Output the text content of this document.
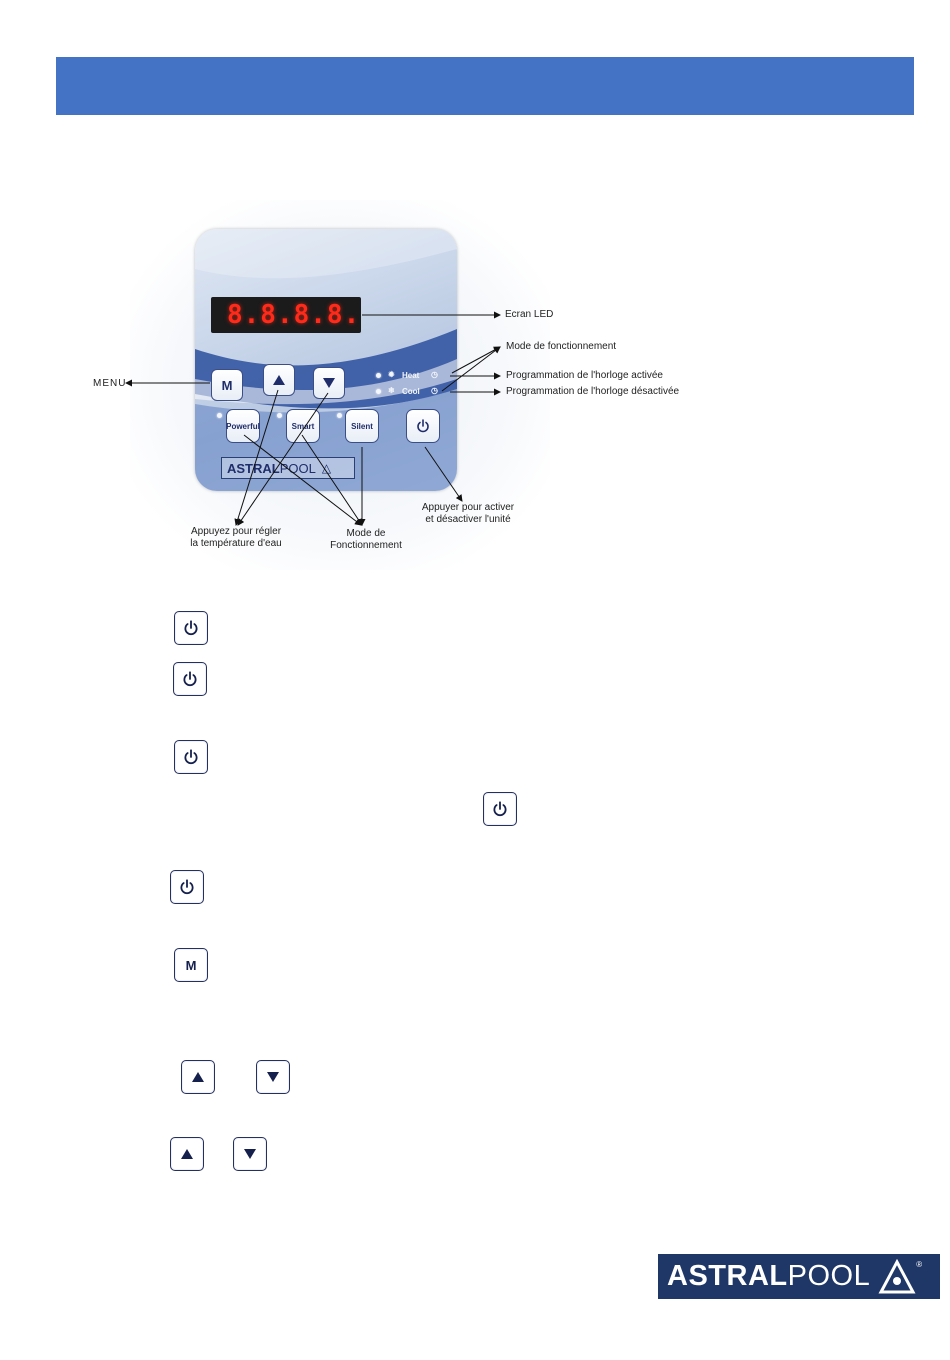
8.8.8.8.
M
✹ Heat ◷
❄ Cool ◷
Powerful	Smart	Silent
ASTRAL POOL △
Ecran LED
Mode de fonctionnement
Programmation de l'horloge activée
Programmation de l'horloge désactivée
MENU
Appuyer pour activer
et désactiver l'unité
Appuyez pour régler
la température d'eau
Mode de
Fonctionnement
M
ASTRAL POOL	®
